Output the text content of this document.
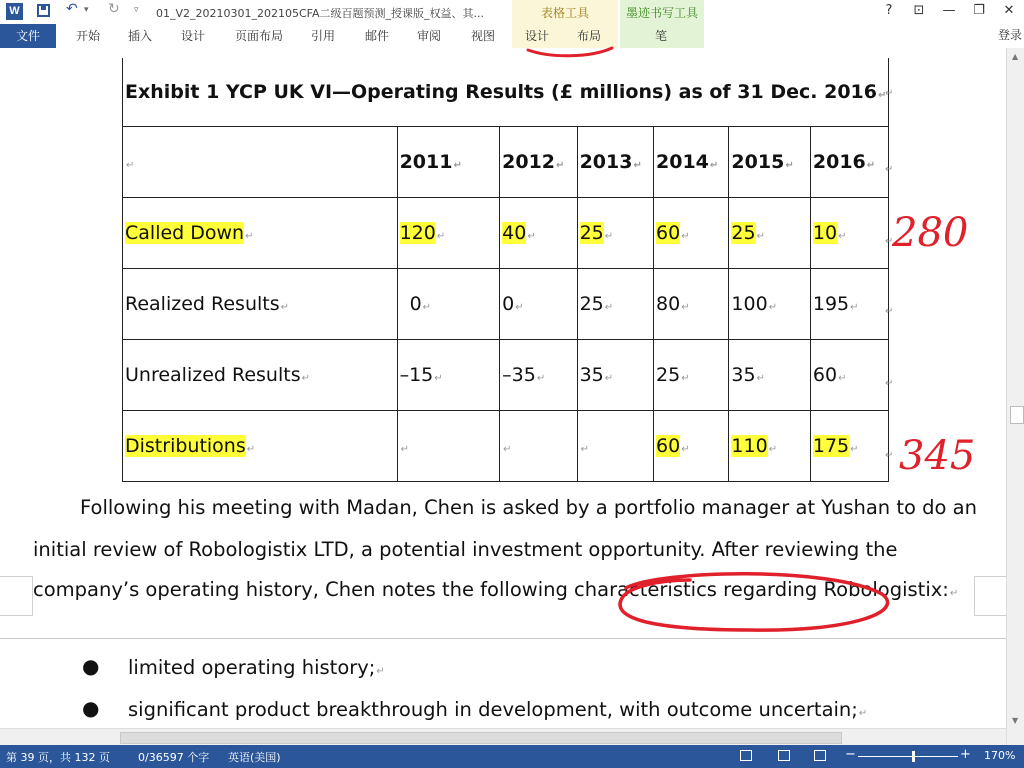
W	↶ ▾ ↻ ▿ 01_V2_20210301_202105CFA二级百题预测_授课版_权益、其...	?	⊡	—	❐	✕
表格工具	墨迹书写工具
文件	开始	插入	设计	页面布局	引用	邮件	审阅	视图	设计	布局	笔	登录
Exhibit 1 YCP UK VI—Operating Results (£ millions) as of 31 Dec. 2016↵						
↵	2011↵	2012↵	2013↵	2014↵	2015↵	2016↵
Called Down↵	120↵	40↵	25↵	60↵	25↵	10↵
Realized Results↵	0↵	0↵	25↵	80↵	100↵	195↵
Unrealized Results↵	–15↵	–35↵	35↵	25↵	35↵	60↵
Distributions↵	↵	↵	↵	60↵	110↵	175↵
↵
↵
↵
↵
↵
↵
Following his meeting with Madan, Chen is asked by a portfolio manager at Yushan to do an
initial review of Robologistix LTD, a potential investment opportunity. After reviewing the
company’s operating history, Chen notes the following characteristics regarding Robologistix:↵
● limited operating history;↵
● significant product breakthrough in development, with outcome uncertain;↵
280
345
▲
▼
第 39 页，共 132 页	0/36597 个字 英语(美国)	−	+ 170%
